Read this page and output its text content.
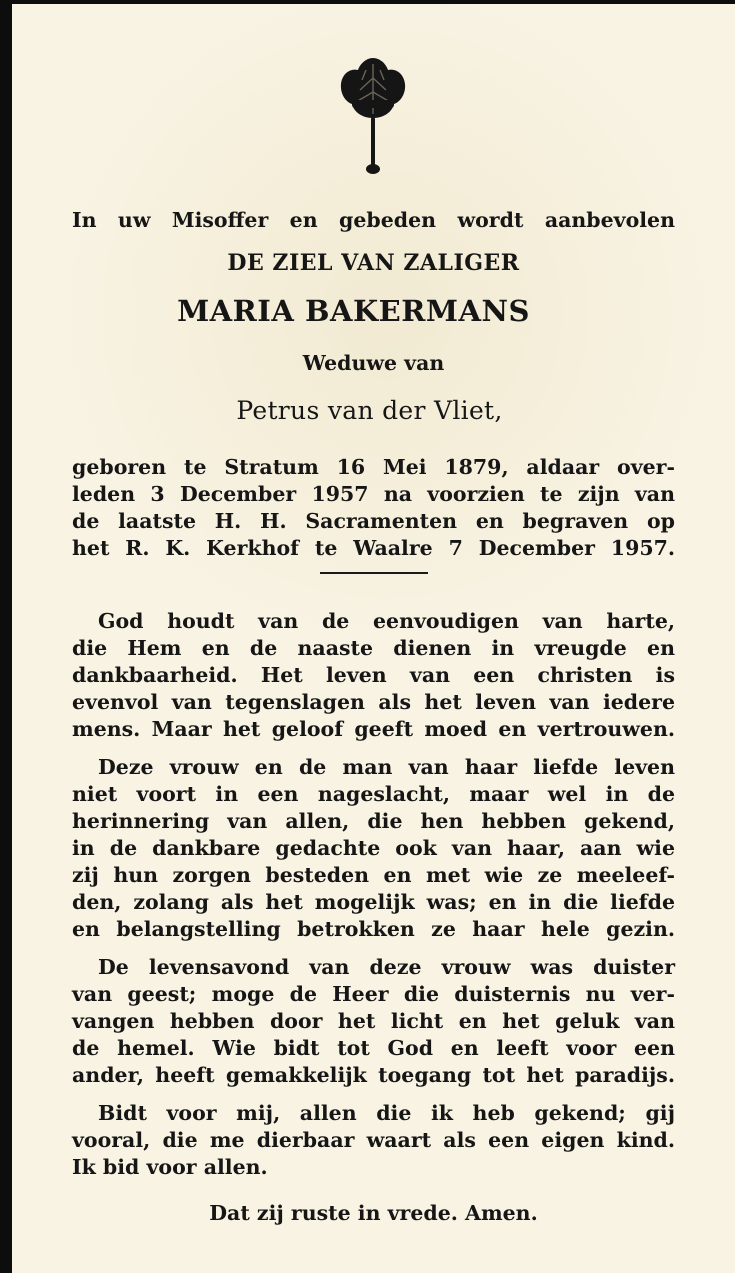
In uw Misoffer en gebeden wordt aanbevolen
DE ZIEL VAN ZALIGER
MARIA BAKERMANS
Weduwe van
Petrus van der Vliet,
geboren te Stratum 16 Mei 1879, aldaar over-
leden 3 December 1957 na voorzien te zijn van
de laatste H. H. Sacramenten en begraven op
het R. K. Kerkhof te Waalre 7 December 1957.
God houdt van de eenvoudigen van harte,
die Hem en de naaste dienen in vreugde en
dankbaarheid. Het leven van een christen is
evenvol van tegenslagen als het leven van iedere
mens. Maar het geloof geeft moed en vertrouwen.
Deze vrouw en de man van haar liefde leven
niet voort in een nageslacht, maar wel in de
herinnering van allen, die hen hebben gekend,
in de dankbare gedachte ook van haar, aan wie
zij hun zorgen besteden en met wie ze meeleef-
den, zolang als het mogelijk was; en in die liefde
en belangstelling betrokken ze haar hele gezin.
De levensavond van deze vrouw was duister
van geest; moge de Heer die duisternis nu ver-
vangen hebben door het licht en het geluk van
de hemel. Wie bidt tot God en leeft voor een
ander, heeft gemakkelijk toegang tot het paradijs.
Bidt voor mij, allen die ik heb gekend; gij
vooral, die me dierbaar waart als een eigen kind.
Ik bid voor allen.
Dat zij ruste in vrede. Amen.
